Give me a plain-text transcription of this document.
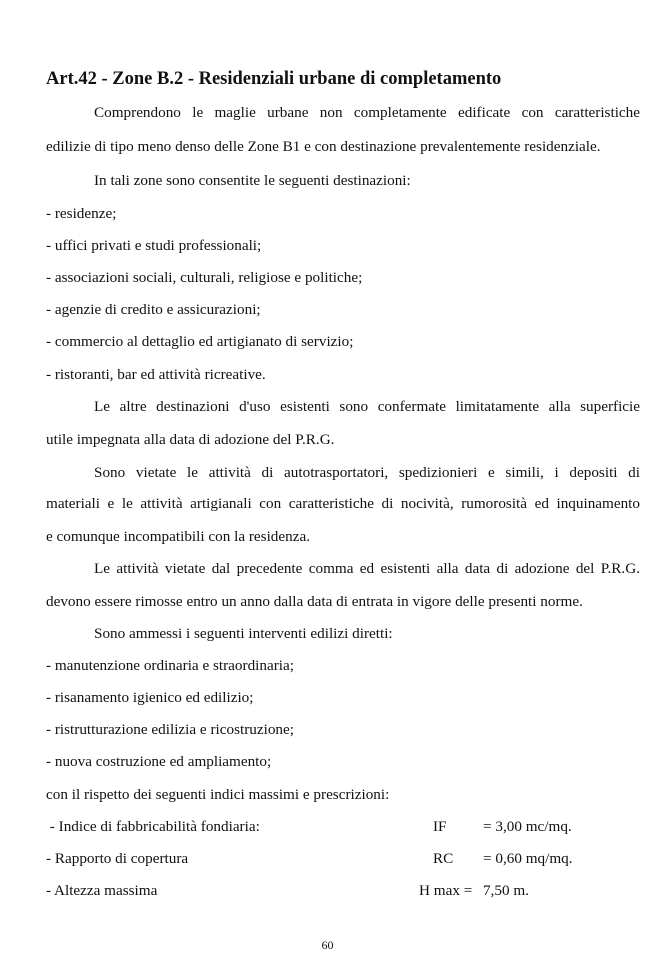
Art.42 - Zone B.2 - Residenziali urbane di completamento
Comprendono le maglie urbane non completamente edificate con caratteristiche
edilizie di tipo meno denso delle Zone B1 e con destinazione prevalentemente residenziale.
In tali zone sono consentite le seguenti destinazioni:
- residenze;
- uffici privati e studi professionali;
- associazioni sociali, culturali, religiose e politiche;
- agenzie di credito e assicurazioni;
- commercio al dettaglio ed artigianato di servizio;
- ristoranti, bar ed attività ricreative.
Le altre destinazioni d'uso esistenti sono confermate limitatamente alla superficie
utile impegnata alla data di adozione del P.R.G.
Sono vietate le attività di autotrasportatori, spedizionieri e simili, i depositi di
materiali e le attività artigianali con caratteristiche di nocività, rumorosità ed inquinamento
e comunque incompatibili con la residenza.
Le attività vietate dal precedente comma ed esistenti alla data di adozione del P.R.G.
devono essere rimosse entro un anno dalla data di entrata in vigore delle presenti norme.
Sono ammessi i seguenti interventi edilizi diretti:
- manutenzione ordinaria e straordinaria;
- risanamento igienico ed edilizio;
- ristrutturazione edilizia e ricostruzione;
- nuova costruzione ed ampliamento;
con il rispetto dei seguenti indici massimi e prescrizioni:
- Indice di fabbricabilità fondiaria:	IF = 3,00 mc/mq.
- Rapporto di copertura	RC = 0,60 mq/mq.
- Altezza massima	H max = 7,50 m.
60
